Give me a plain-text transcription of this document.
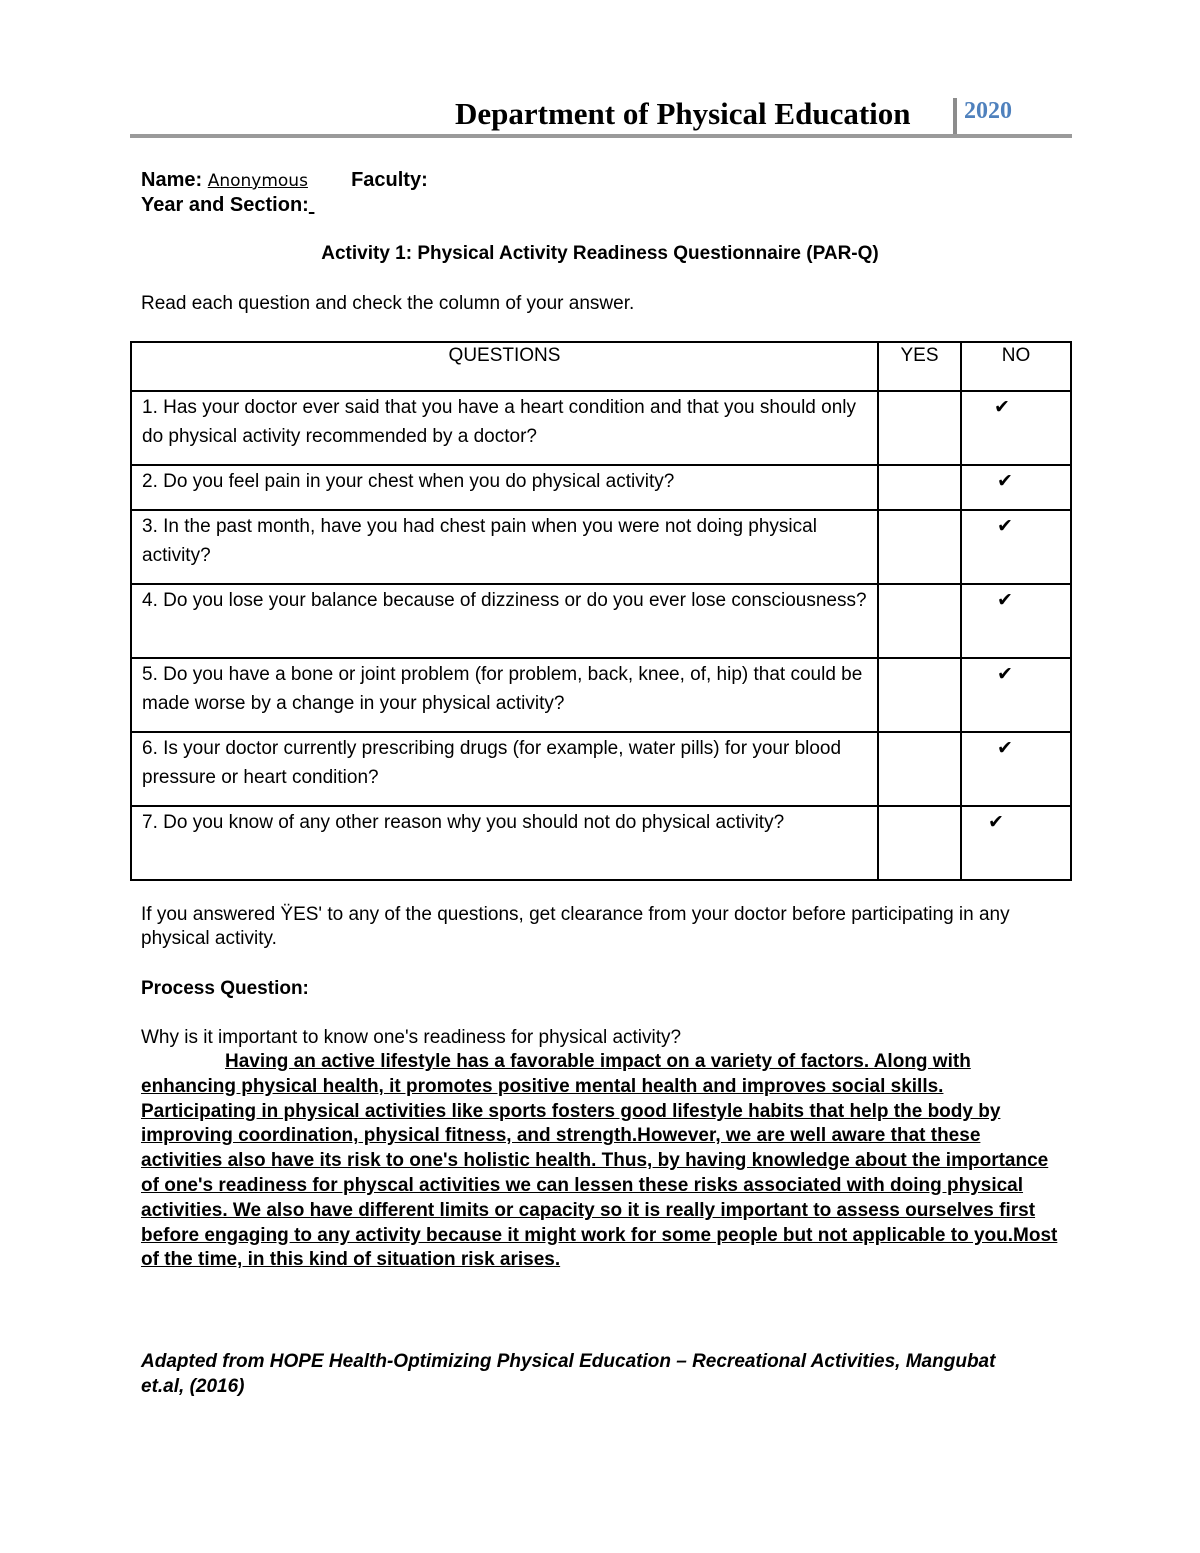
Department of Physical Education 2020
Name: Anonymous Faculty:
Year and Section:
Activity 1: Physical Activity Readiness Questionnaire (PAR-Q)
Read each question and check the column of your answer.
QUESTIONS	YES	NO
1. Has your doctor ever said that you have a heart condition and that you should only do physical activity recommended by a doctor?		✔
2. Do you feel pain in your chest when you do physical activity?		✔
3. In the past month, have you had chest pain when you were not doing physical activity?		✔
4. Do you lose your balance because of dizziness or do you ever lose consciousness?		✔
5. Do you have a bone or joint problem (for problem, back, knee, of, hip) that could be made worse by a change in your physical activity?		✔
6. Is your doctor currently prescribing drugs (for example, water pills) for your blood pressure or heart condition?		✔
7. Do you know of any other reason why you should not do physical activity?		✔
If you answered ŸES' to any of the questions, get clearance from your doctor before participating in any physical activity.
Process Question:
Why is it important to know one's readiness for physical activity?
Having an active lifestyle has a favorable impact on a variety of factors. Along with enhancing physical health, it promotes positive mental health and improves social skills. Participating in physical activities like sports fosters good lifestyle habits that help the body by improving coordination, physical fitness, and strength.However, we are well aware that these activities also have its risk to one's holistic health. Thus, by having knowledge about the importance of one's readiness for physcal activities we can lessen these risks associated with doing physical activities. We also have different limits or capacity so it is really important to assess ourselves first before engaging to any activity because it might work for some people but not applicable to you.Most of the time, in this kind of situation risk arises.
Adapted from HOPE Health-Optimizing Physical Education – Recreational Activities, Mangubat et.al, (2016)
